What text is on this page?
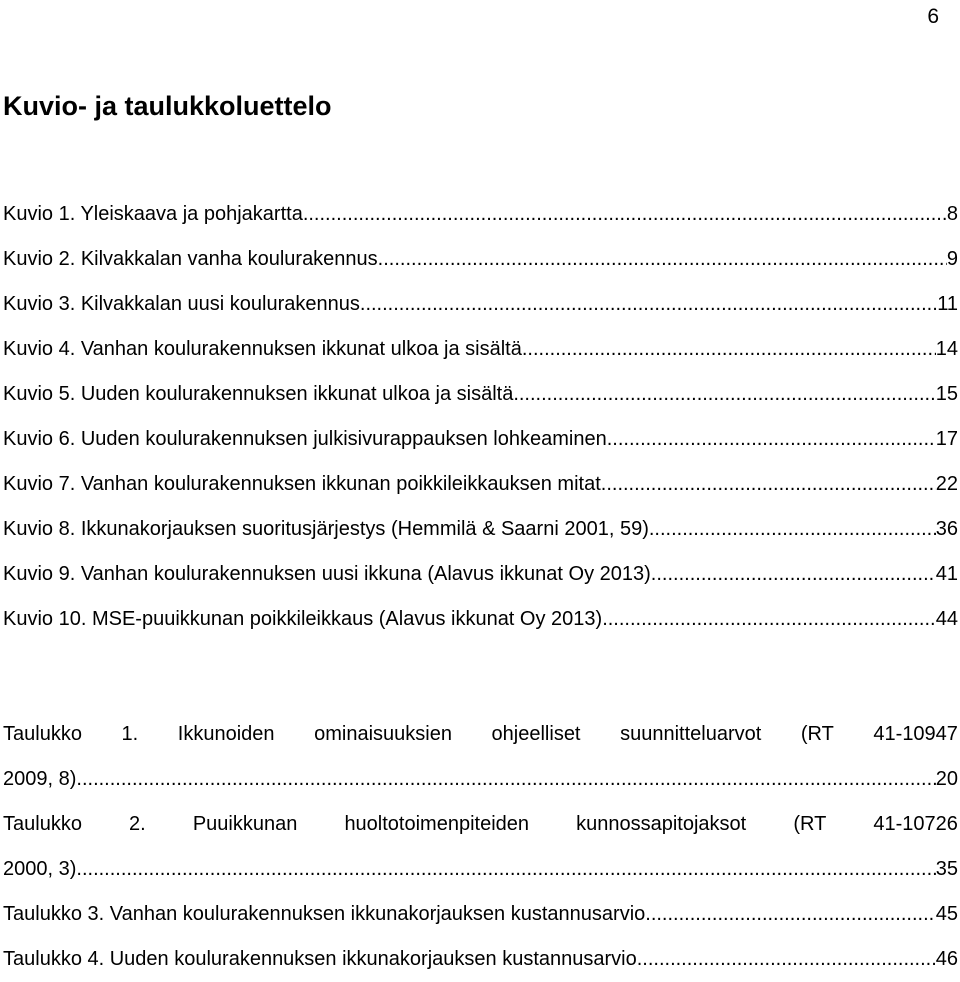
6
Kuvio- ja taulukkoluettelo
Kuvio 1. Yleiskaava ja pohjakartta. .....	8
Kuvio 2. Kilvakkalan vanha koulurakennus. .....	9
Kuvio 3. Kilvakkalan uusi koulurakennus. .....	11
Kuvio 4. Vanhan koulurakennuksen ikkunat ulkoa ja sisältä. .....	14
Kuvio 5. Uuden koulurakennuksen ikkunat ulkoa ja sisältä. .....	15
Kuvio 6. Uuden koulurakennuksen julkisivurappauksen lohkeaminen. .....	17
Kuvio 7. Vanhan koulurakennuksen ikkunan poikkileikkauksen mitat. .....	22
Kuvio 8. Ikkunakorjauksen suoritusjärjestys (Hemmilä & Saarni 2001, 59). .....	36
Kuvio 9. Vanhan koulurakennuksen uusi ikkuna (Alavus ikkunat Oy 2013). .....	41
Kuvio 10. MSE-puuikkunan poikkileikkaus (Alavus ikkunat Oy 2013). .....	44
Taulukko 1. Ikkunoiden ominaisuuksien ohjeelliset suunnitteluarvot (RT 41-10947
2009, 8). .....	20
Taulukko 2. Puuikkunan huoltotoimenpiteiden kunnossapitojaksot (RT 41-10726
2000, 3). .....	35
Taulukko 3. Vanhan koulurakennuksen ikkunakorjauksen kustannusarvio. .....	45
Taulukko 4. Uuden koulurakennuksen ikkunakorjauksen kustannusarvio. .....	46
